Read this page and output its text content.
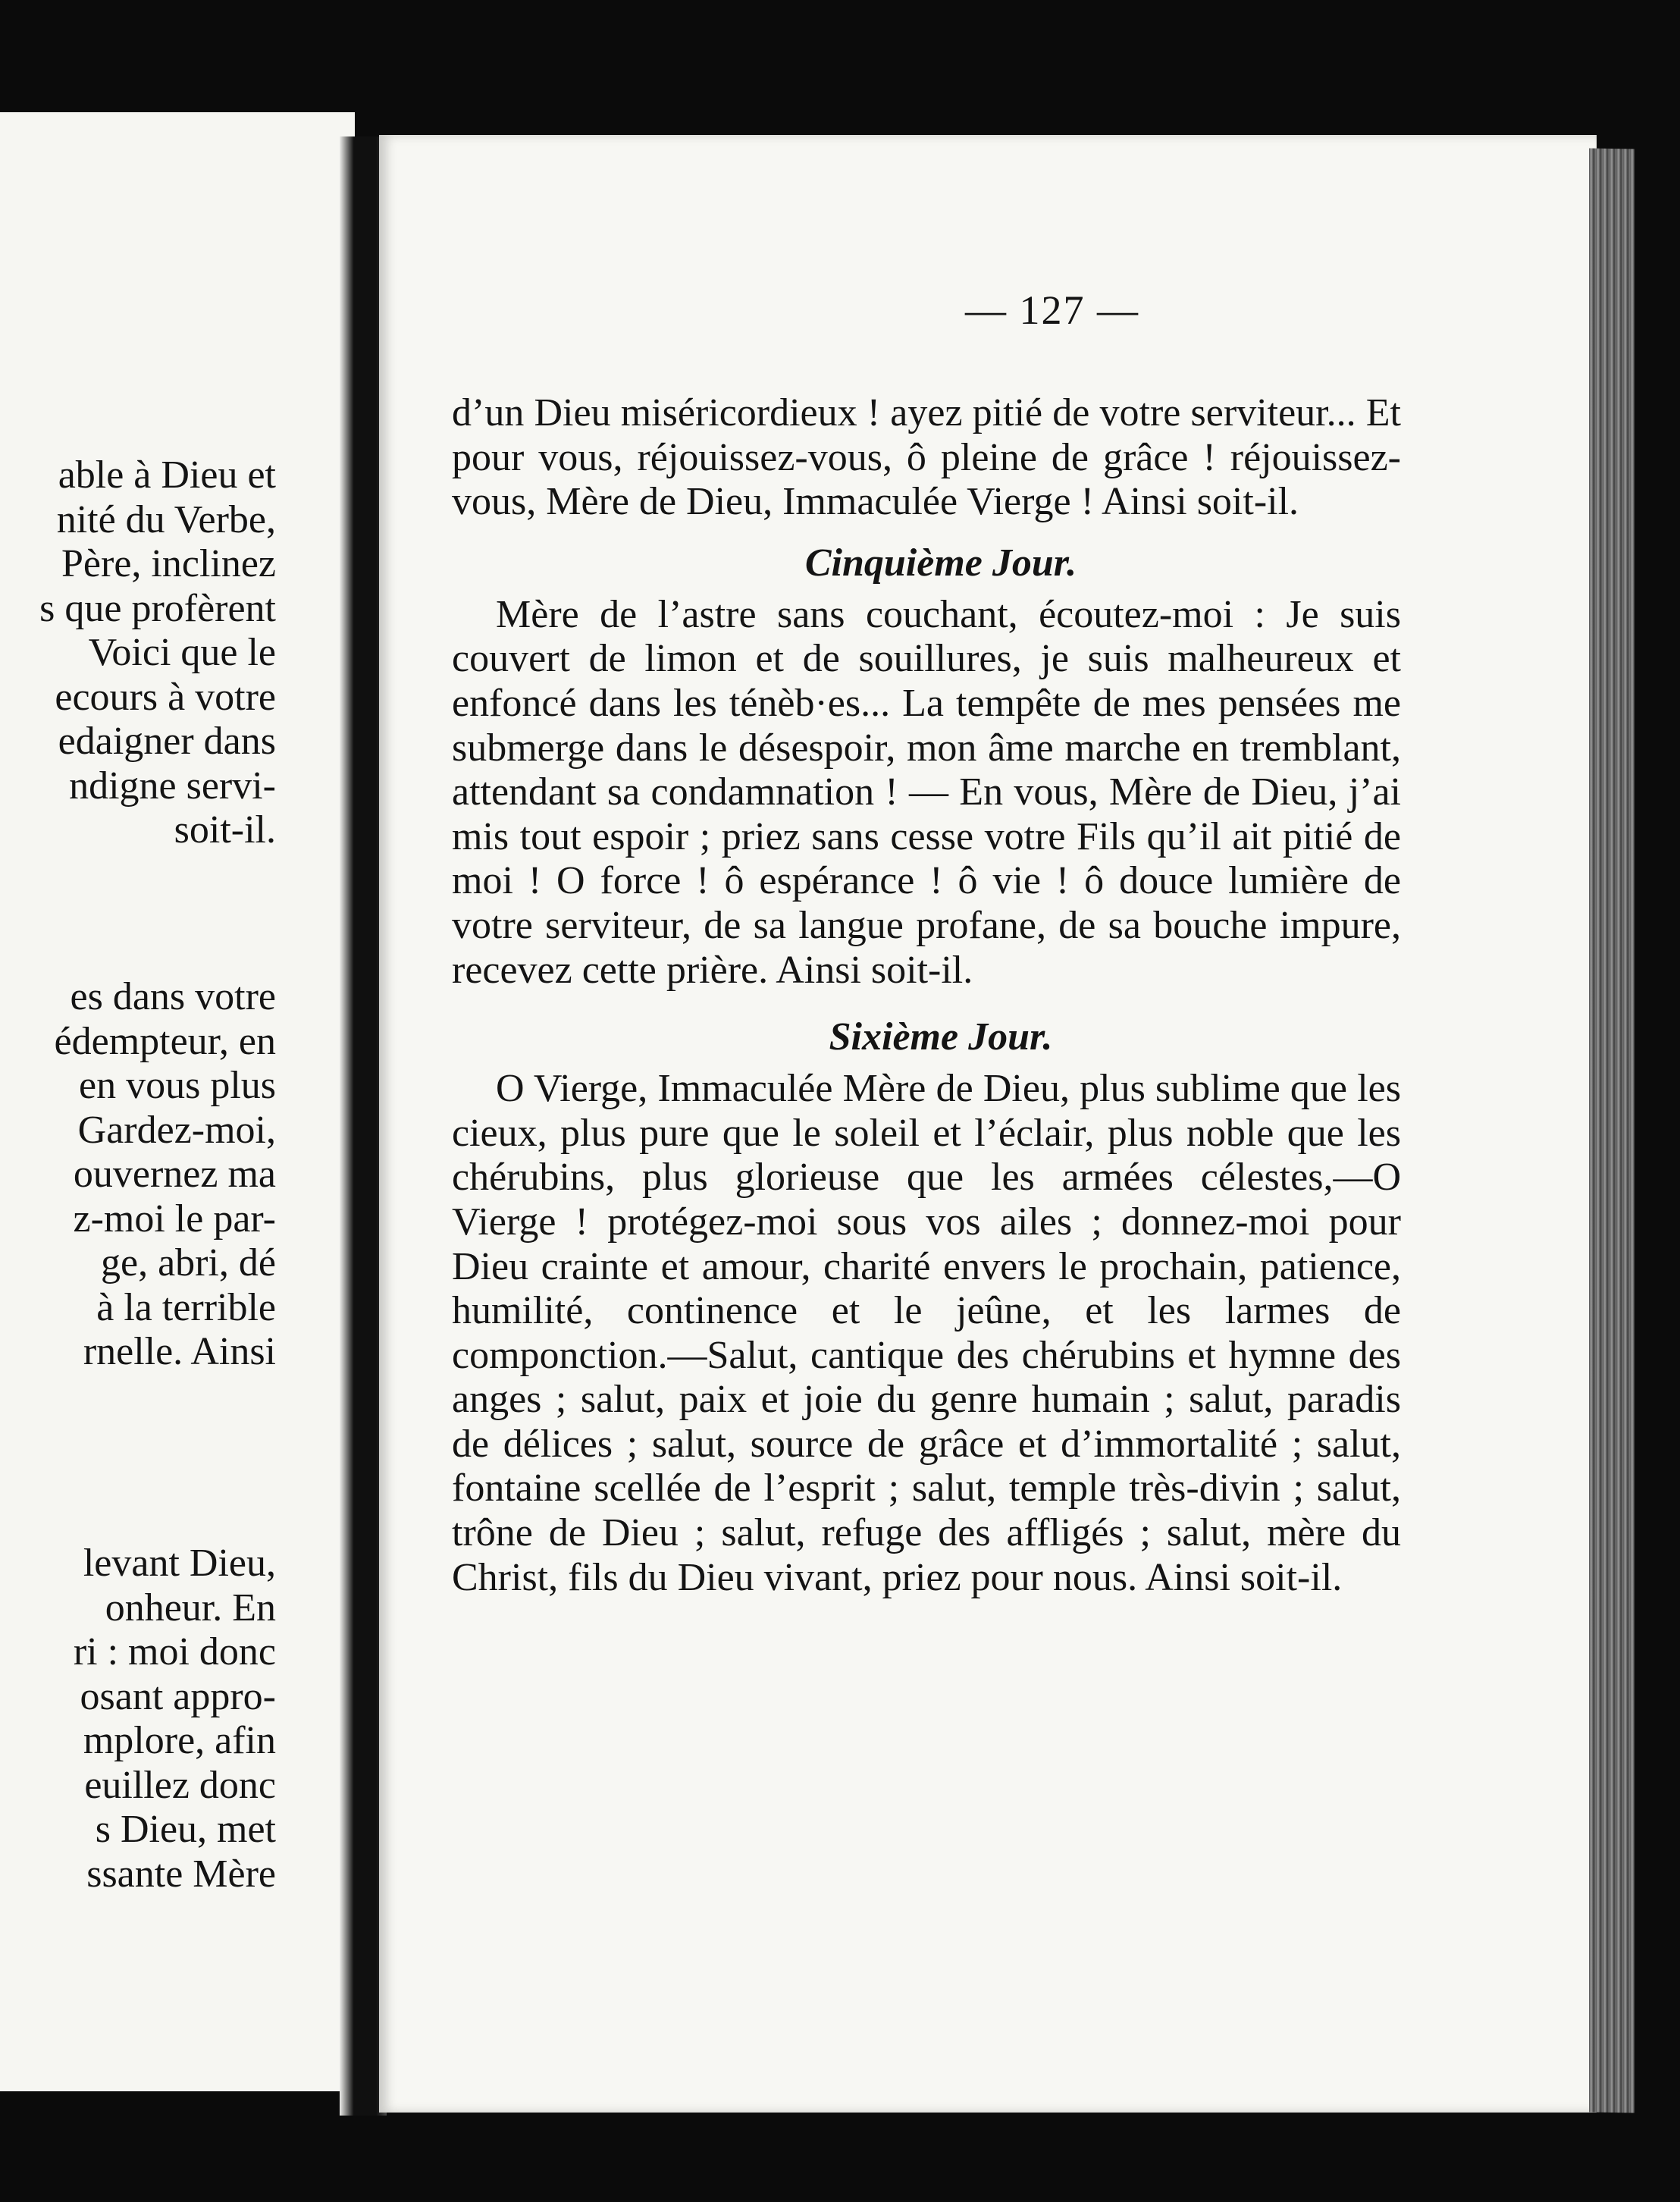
able à Dieu et
nité du Verbe,
Père, inclinez
s que profèrent
Voici que le
ecours à votre
edaigner dans
ndigne servi-
soit-il.

es dans votre
édempteur, en
en vous plus
Gardez-moi,
ouvernez ma
z-moi le par-
ge, abri, dé
à la terrible
rnelle. Ainsi

levant Dieu,
onheur. En
ri : moi donc
osant appro-
mplore, afin
euillez donc
s Dieu, met
ssante Mère

— 127 —

d’un Dieu miséricordieux ! ayez pitié de votre serviteur... Et pour vous, réjouissez-vous, ô pleine de grâce ! réjouissez-vous, Mère de Dieu, Immaculée Vierge ! Ainsi soit-il.

Cinquième Jour.

Mère de l’astre sans couchant, écoutez-moi : Je suis couvert de limon et de souillures, je suis malheureux et enfoncé dans les ténèb·es... La tempête de mes pensées me submerge dans le désespoir, mon âme marche en tremblant, attendant sa condamnation ! — En vous, Mère de Dieu, j’ai mis tout espoir ; priez sans cesse votre Fils qu’il ait pitié de moi ! O force ! ô espérance ! ô vie ! ô douce lumière de votre serviteur, de sa langue profane, de sa bouche impure, recevez cette prière. Ainsi soit-il.

Sixième Jour.

O Vierge, Immaculée Mère de Dieu, plus sublime que les cieux, plus pure que le soleil et l’éclair, plus noble que les chérubins, plus glorieuse que les armées célestes,—O Vierge ! protégez-moi sous vos ailes ; donnez-moi pour Dieu crainte et amour, charité envers le prochain, patience, humilité, continence et le jeûne, et les larmes de componction.—Salut, cantique des chérubins et hymne des anges ; salut, paix et joie du genre humain ; salut, paradis de délices ; salut, source de grâce et d’immortalité ; salut, fontaine scellée de l’esprit ; salut, temple très-divin ; salut, trône de Dieu ; salut, refuge des affligés ; salut, mère du Christ, fils du Dieu vivant, priez pour nous. Ainsi soit-il.
